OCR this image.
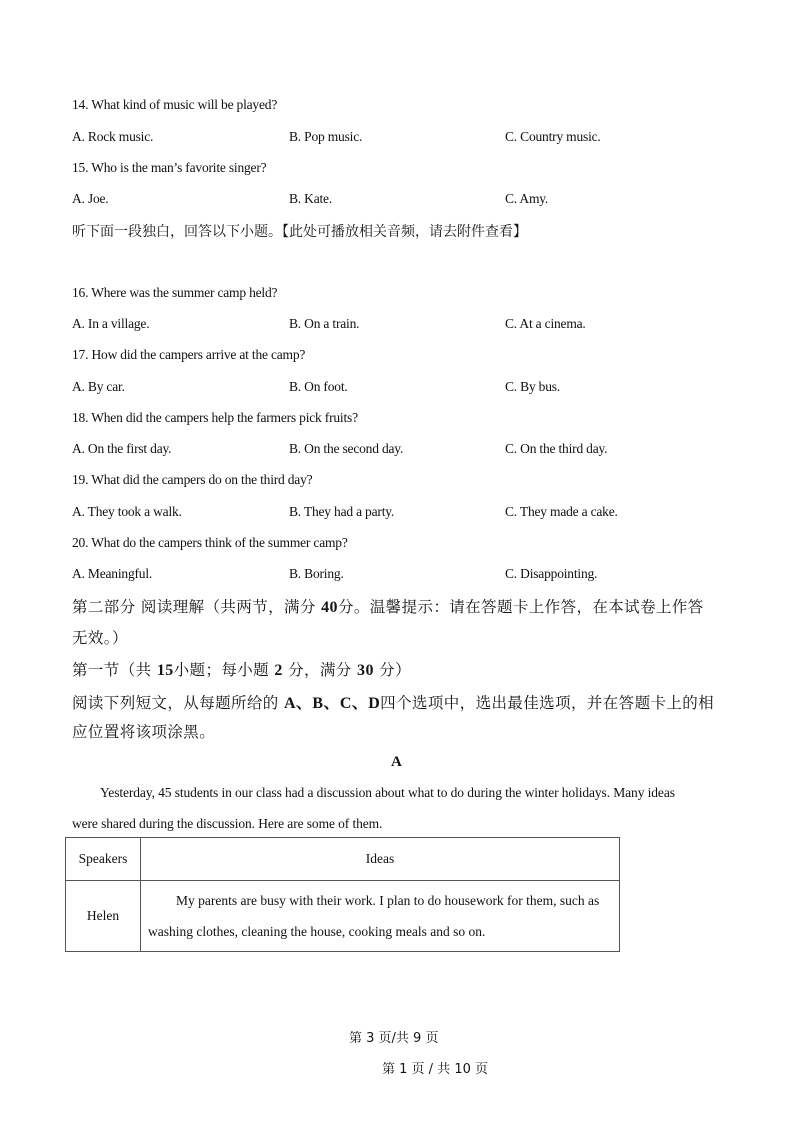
14. What kind of music will be played?
A. Rock music.	B. Pop music.	C. Country music.
15. Who is the man’s favorite singer?
A. Joe.	B. Kate.	C. Amy.
听下面一段独白，回答以下小题。【此处可播放相关音频，请去附件查看】
16. Where was the summer camp held?
A. In a village.	B. On a train.	C. At a cinema.
17. How did the campers arrive at the camp?
A. By car.	B. On foot.	C. By bus.
18. When did the campers help the farmers pick fruits?
A. On the first day.	B. On the second day.	C. On the third day.
19. What did the campers do on the third day?
A. They took a walk.	B. They had a party.	C. They made a cake.
20. What do the campers think of the summer camp?
A. Meaningful.	B. Boring.	C. Disappointing.
第二部分 阅读理解（共两节，满分 40分。温馨提示：请在答题卡上作答，在本试卷上作答
无效。）
第一节（共 15小题；每小题 2 分，满分 30 分）
阅读下列短文，从每题所给的 A、B、C、D四个选项中，选出最佳选项，并在答题卡上的相
应位置将该项涂黑。
A
Yesterday, 45 students in our class had a discussion about what to do during the winter holidays. Many ideas
were shared during the discussion. Here are some of them.
Speakers	Ideas
Helen	My parents are busy with their work. I plan to do housework for them, such as washing clothes, cleaning the house, cooking meals and so on.
第 3 页/共 9 页
第 1 页 / 共 10 页
